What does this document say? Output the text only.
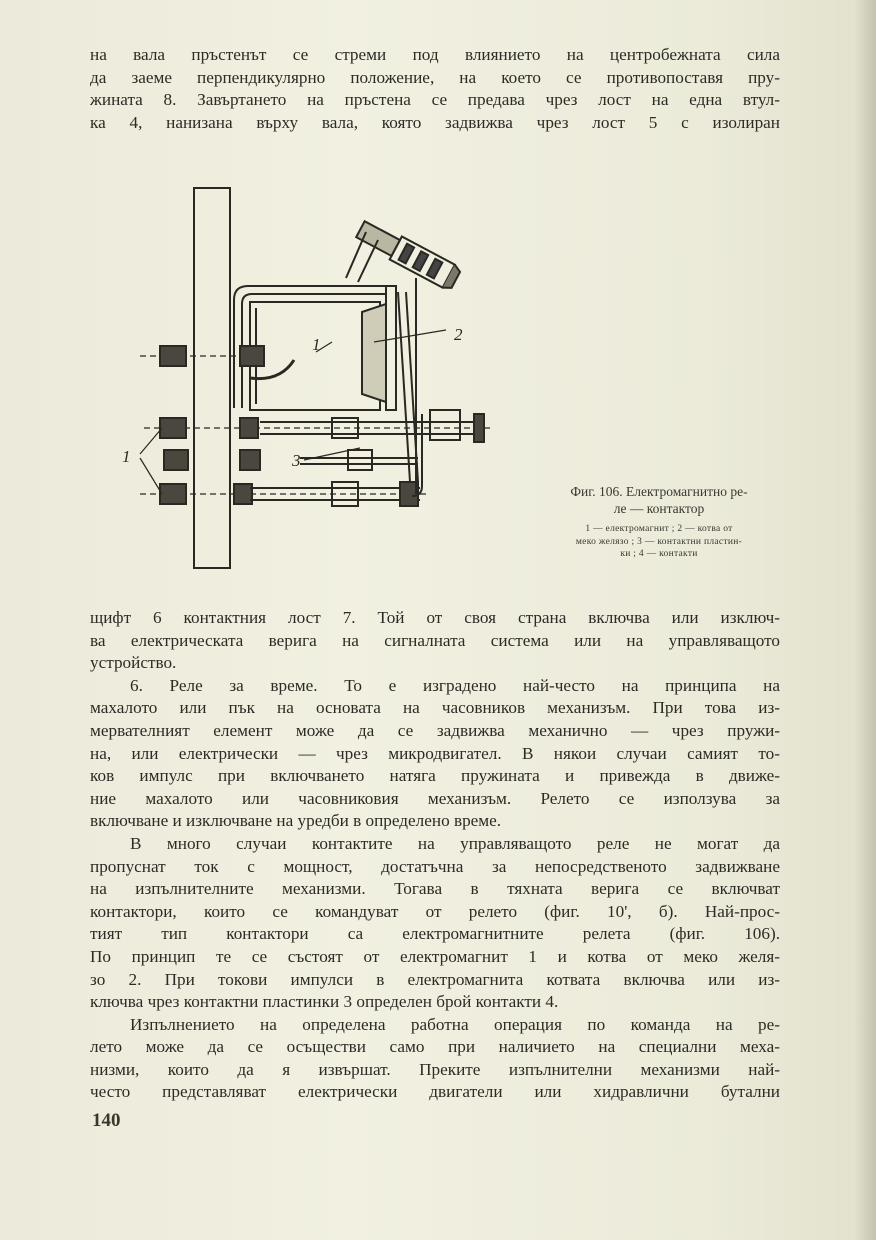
на вала пръстенът се стреми под влиянието на центробежната сила
да заеме перпендикулярно положение, на което се противопоставя пру-
жината 8. Завъртането на пръстена се предава чрез лост на една втул-
ка 4, нанизана върху вала, която задвижва чрез лост 5 с изолиран
2
1
3
1

Фиг. 106. Електромагнитно ре-
ле — контактор

1 — електромагнит ; 2 — котва от
меко желязо ; 3 — контактни пластин-
ки ; 4 — контакти

щифт 6 контактния лост 7. Той от своя страна включва или изключ-
ва електрическата верига на сигналната система или на управляващото
устройство.
6. Реле за време. То е изградено най-често на принципа на
махалото или пък на основата на часовников механизъм. При това из-
мервателният елемент може да се задвижва механично — чрез пружи-
на, или електрически — чрез микродвигател. В някои случаи самият то-
ков импулс при включването натяга пружината и привежда в движе-
ние махалото или часовниковия механизъм. Релето се използува за
включване и изключване на уредби в определено време.
В много случаи контактите на управляващото реле не могат да
пропуснат ток с мощност, достатъчна за непосредственото задвижване
на изпълнителните механизми. Тогава в тяхната верига се включват
контактори, които се командуват от релето (фиг. 10', б). Най-прос-
тият тип контактори са електромагнитните релета (фиг. 106).
По принцип те се състоят от електромагнит 1 и котва от меко желя-
зо 2. При токови импулси в електромагнита котвата включва или из-
ключва чрез контактни пластинки 3 определен брой контакти 4.
Изпълнението на определена работна операция по команда на ре-
лето може да се осъществи само при наличието на специални меха-
низми, които да я извършат. Преките изпълнителни механизми най-
често представляват електрически двигатели или хидравлични бутални
140
